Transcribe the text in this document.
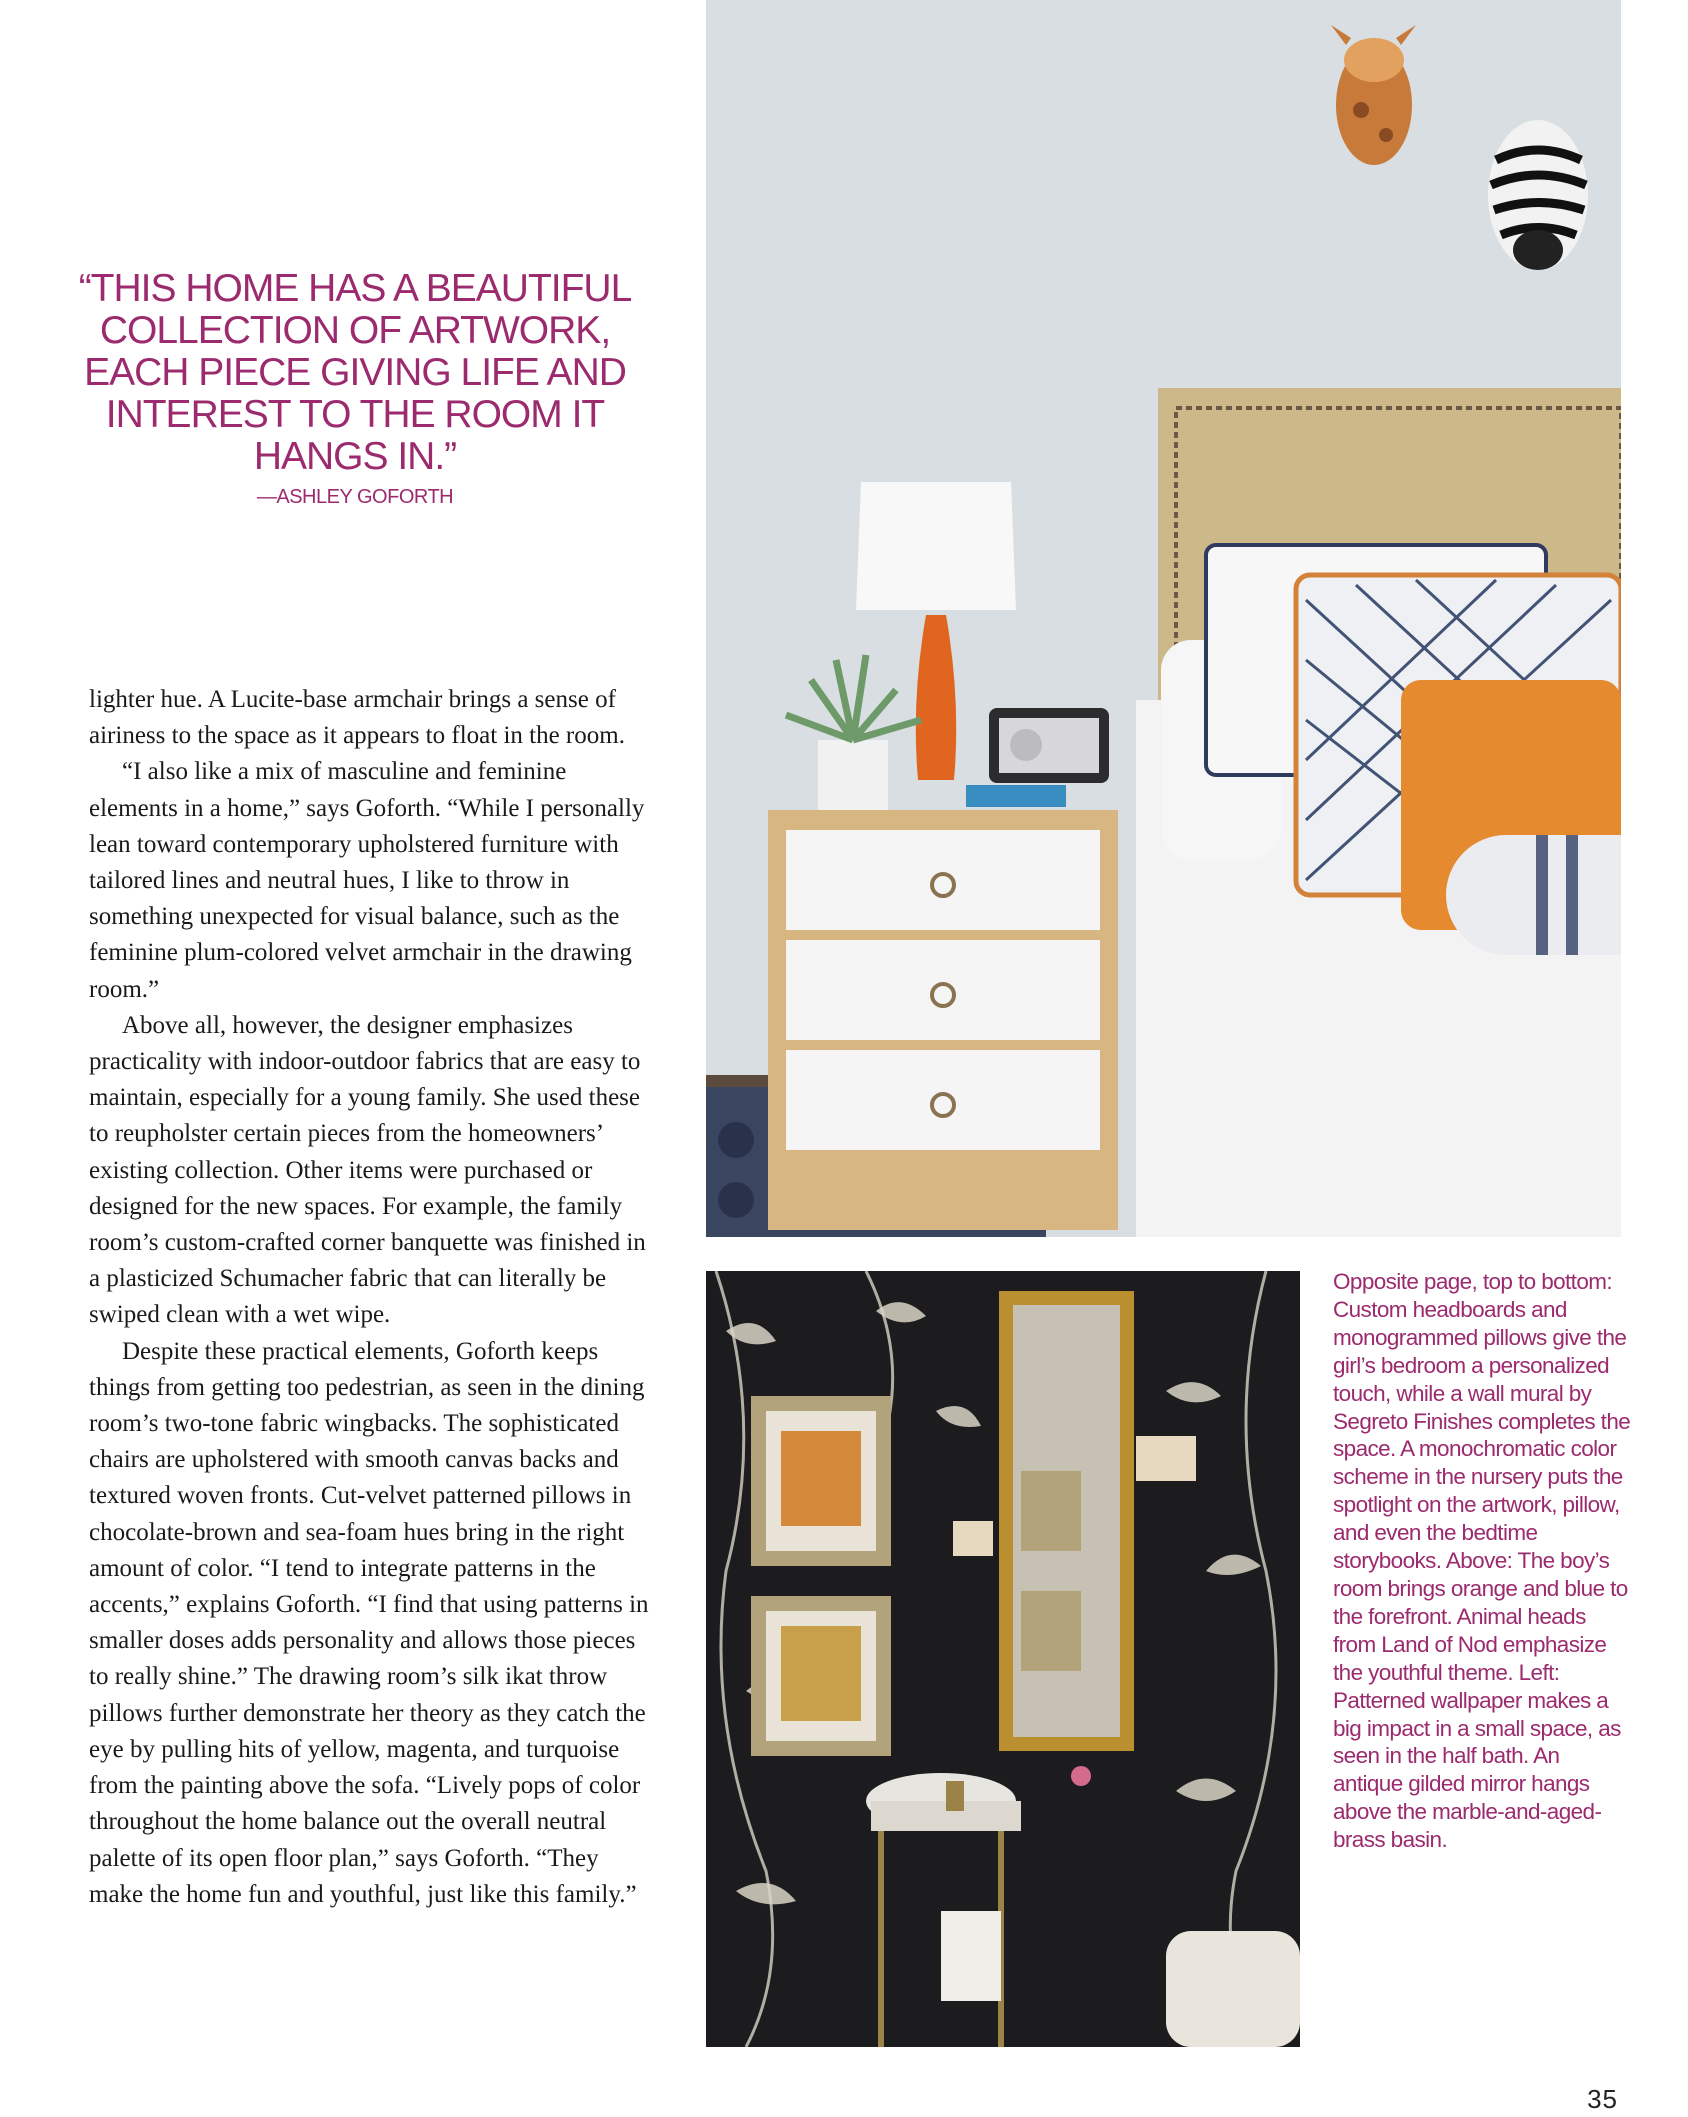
“THIS HOME HAS A BEAUTIFUL COLLECTION OF ARTWORK, EACH PIECE GIVING LIFE AND INTEREST TO THE ROOM IT HANGS IN.”

—ASHLEY GOFORTH

lighter hue. A Lucite-base armchair brings a sense of airiness to the space as it appears to float in the room.

“I also like a mix of masculine and feminine elements in a home,” says Goforth. “While I personally lean toward contemporary upholstered furniture with tailored lines and neutral hues, I like to throw in something unexpected for visual balance, such as the feminine plum-colored velvet armchair in the drawing room.”

Above all, however, the designer emphasizes practicality with indoor-outdoor fabrics that are easy to maintain, especially for a young family. She used these to reupholster certain pieces from the homeowners’ existing collection. Other items were purchased or designed for the new spaces. For example, the family room’s custom-crafted corner banquette was finished in a plasticized Schumacher fabric that can literally be swiped clean with a wet wipe.

Despite these practical elements, Goforth keeps things from getting too pedestrian, as seen in the dining room’s two-tone fabric wingbacks. The sophisticated chairs are upholstered with smooth canvas backs and textured woven fronts. Cut-velvet patterned pillows in chocolate-brown and sea-foam hues bring in the right amount of color. “I tend to integrate patterns in the accents,” explains Goforth. “I find that using patterns in smaller doses adds personality and allows those pieces to really shine.” The drawing room’s silk ikat throw pillows further demonstrate her theory as they catch the eye by pulling hits of yellow, magenta, and turquoise from the painting above the sofa. “Lively pops of color throughout the home balance out the overall neutral palette of its open floor plan,” says Goforth. “They make the home fun and youthful, just like this family.”

Opposite page, top to bottom: Custom headboards and monogrammed pillows give the girl’s bedroom a personalized touch, while a wall mural by Segreto Finishes completes the space. A monochromatic color scheme in the nursery puts the spotlight on the artwork, pillow, and even the bedtime storybooks. Above: The boy’s room brings orange and blue to the forefront. Animal heads from Land of Nod emphasize the youthful theme. Left: Patterned wallpaper makes a big impact in a small space, as seen in the half bath. An antique gilded mirror hangs above the marble-and-aged-brass basin.
35
